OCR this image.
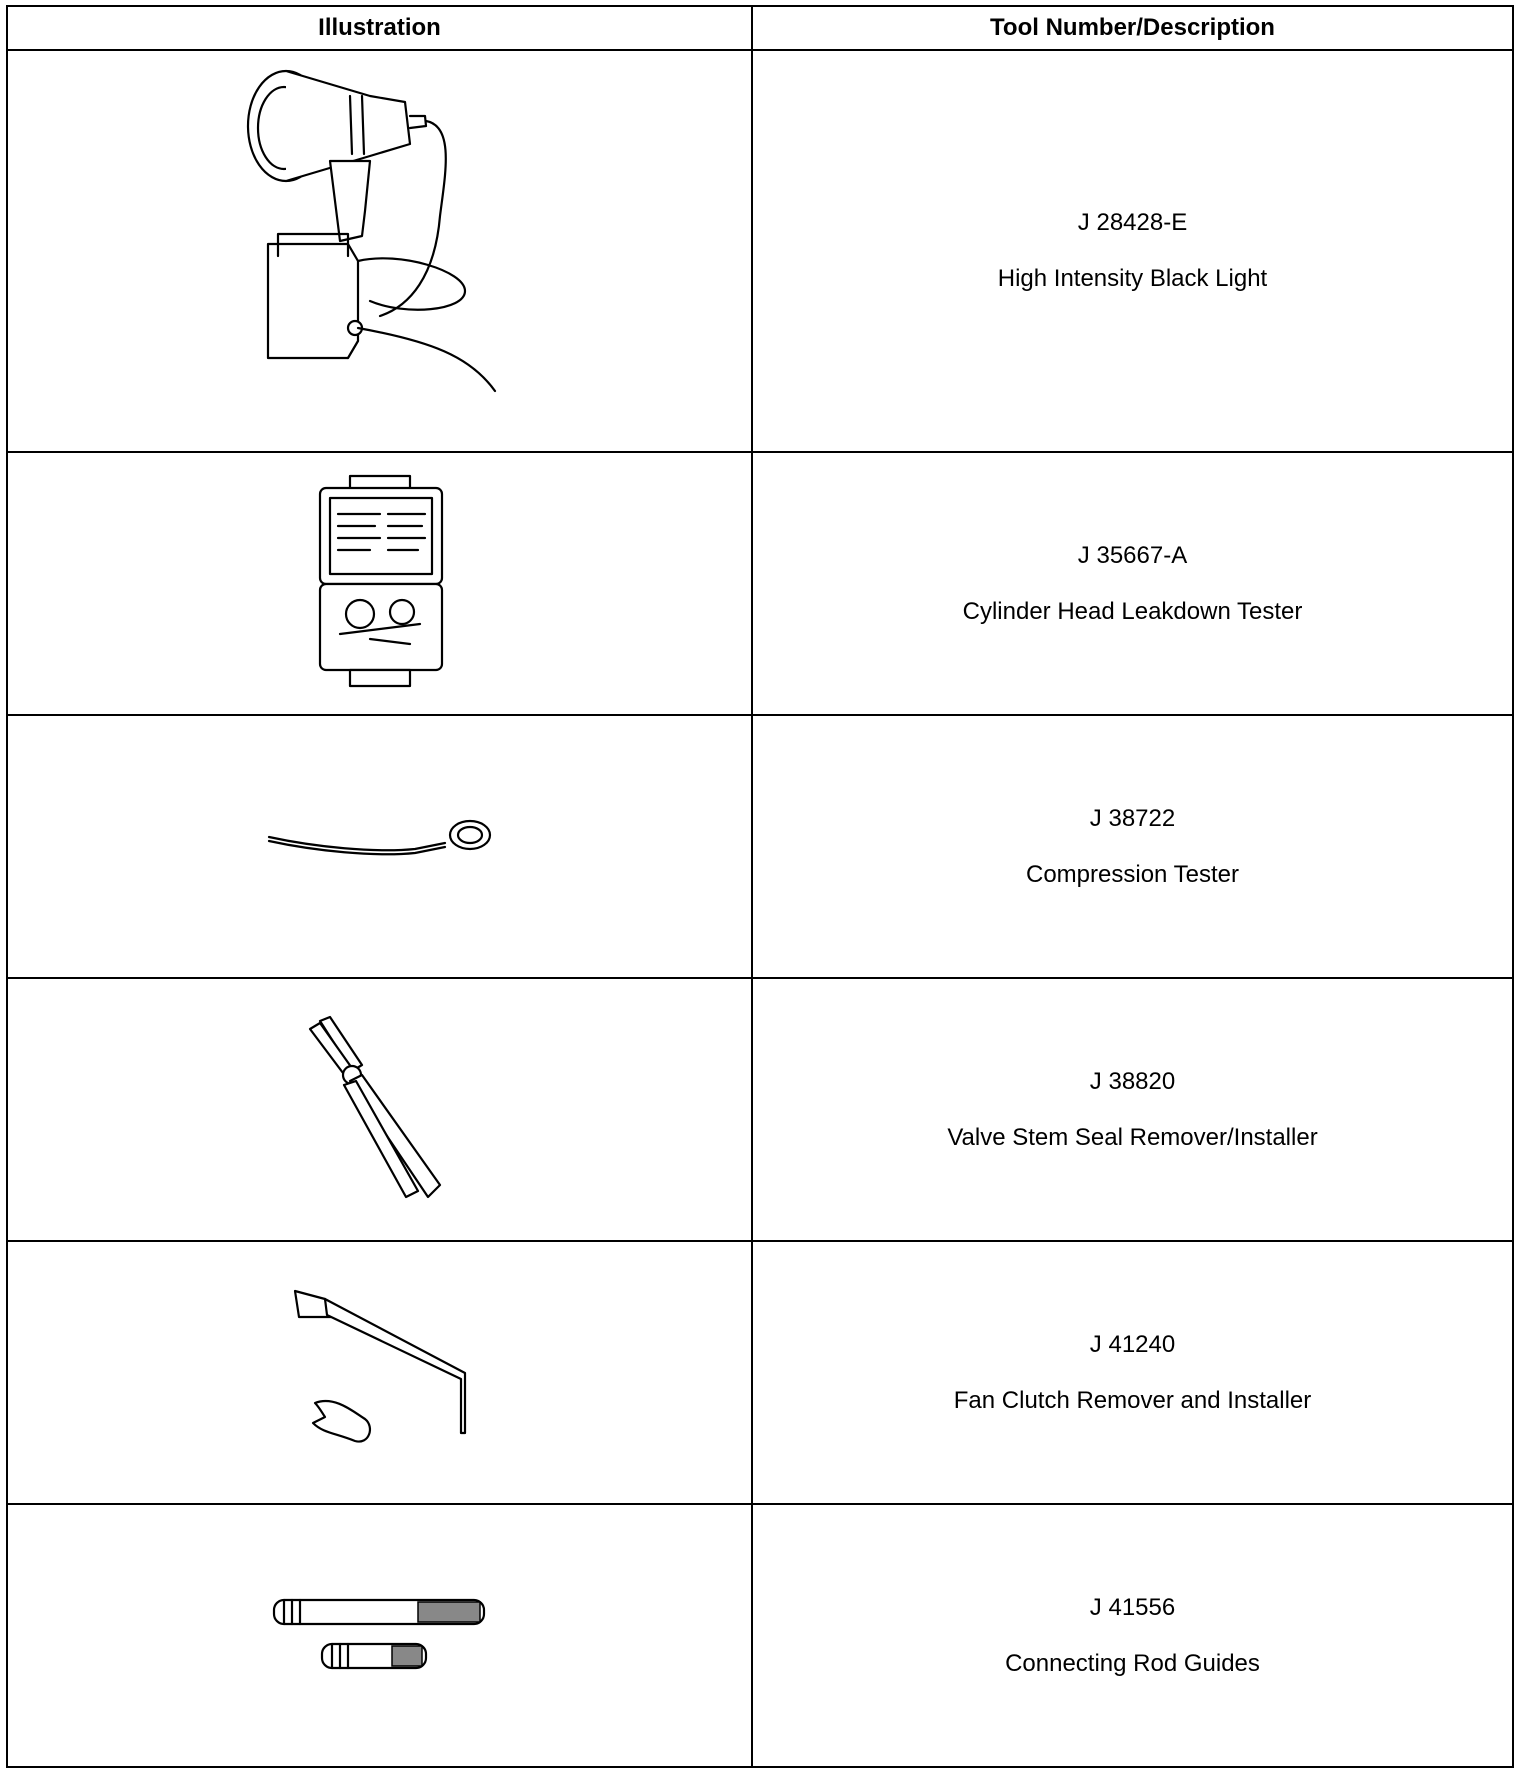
Illustration	Tool Number/Description

J 28428-E
High Intensity Black Light

J 35667-A
Cylinder Head Leakdown Tester

J 38722
Compression Tester

J 38820
Valve Stem Seal Remover/Installer

J 41240
Fan Clutch Remover and Installer

J 41556
Connecting Rod Guides
